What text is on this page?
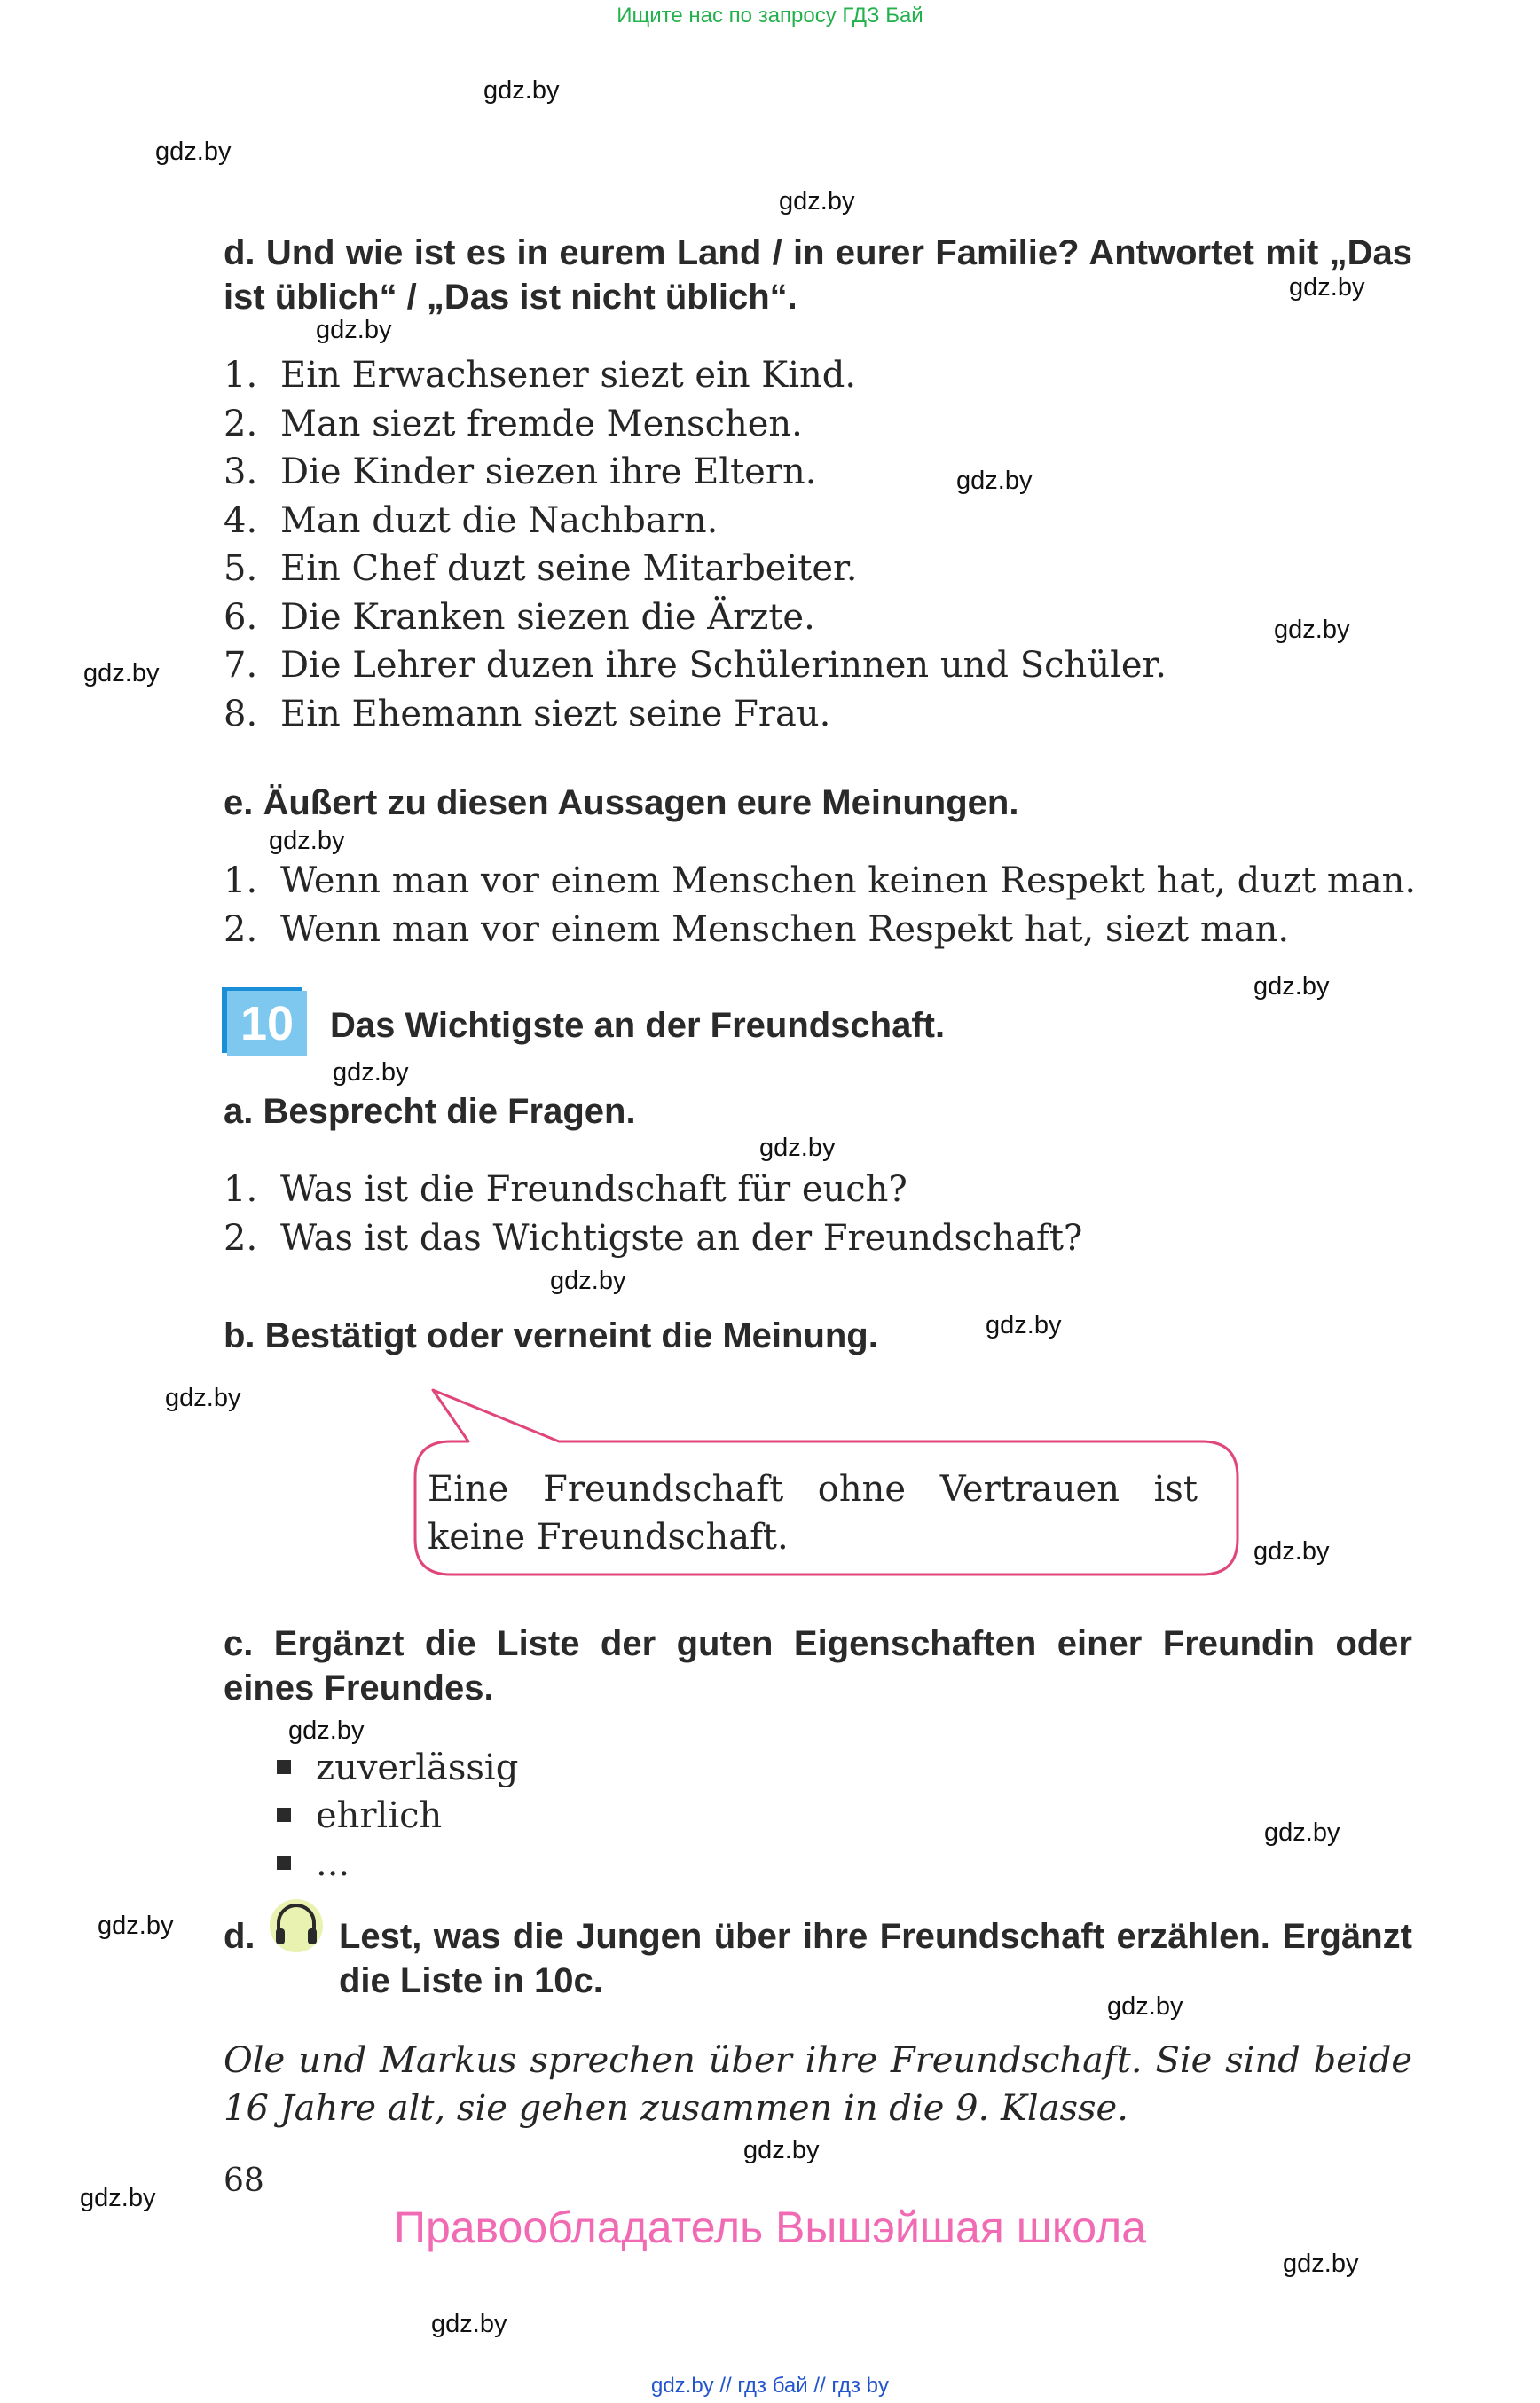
Ищите нас по запросу ГДЗ Бай
gdz.by
gdz.by
gdz.by
gdz.by
gdz.by
gdz.by
gdz.by
gdz.by
gdz.by
gdz.by
gdz.by
gdz.by
gdz.by
gdz.by
gdz.by
gdz.by
gdz.by
gdz.by
gdz.by
gdz.by
gdz.by
gdz.by
gdz.by
gdz.by
d. Und wie ist es in eurem Land / in eurer Familie? Antwortet mit „Das ist üblich“ / „Das ist nicht üblich“.
1. Ein Erwachsener siezt ein Kind.
2. Man siezt fremde Menschen.
3. Die Kinder siezen ihre Eltern.
4. Man duzt die Nachbarn.
5. Ein Chef duzt seine Mitarbeiter.
6. Die Kranken siezen die Ärzte.
7. Die Lehrer duzen ihre Schülerinnen und Schüler.
8. Ein Ehemann siezt seine Frau.
e. Äußert zu diesen Aussagen eure Meinungen.
1. Wenn man vor einem Menschen keinen Respekt hat, duzt man.
2. Wenn man vor einem Menschen Respekt hat, siezt man.
10	Das Wichtigste an der Freundschaft.
a. Besprecht die Fragen.
1. Was ist die Freundschaft für euch?
2. Was ist das Wichtigste an der Freundschaft?
b. Bestätigt oder verneint die Meinung.
Eine Freundschaft ohne Vertrauen ist keine Freundschaft.
c. Ergänzt die Liste der guten Eigenschaften einer Freundin oder eines Freundes.
zuverlässig
ehrlich
...
d.	Lest, was die Jungen über ihre Freundschaft erzählen. Ergänzt die Liste in 10c.
Ole und Markus sprechen über ihre Freundschaft. Sie sind beide 16 Jahre alt, sie gehen zusammen in die 9. Klasse.
68
Правообладатель Вышэйшая школа
gdz.by // гдз бай // гдз by
